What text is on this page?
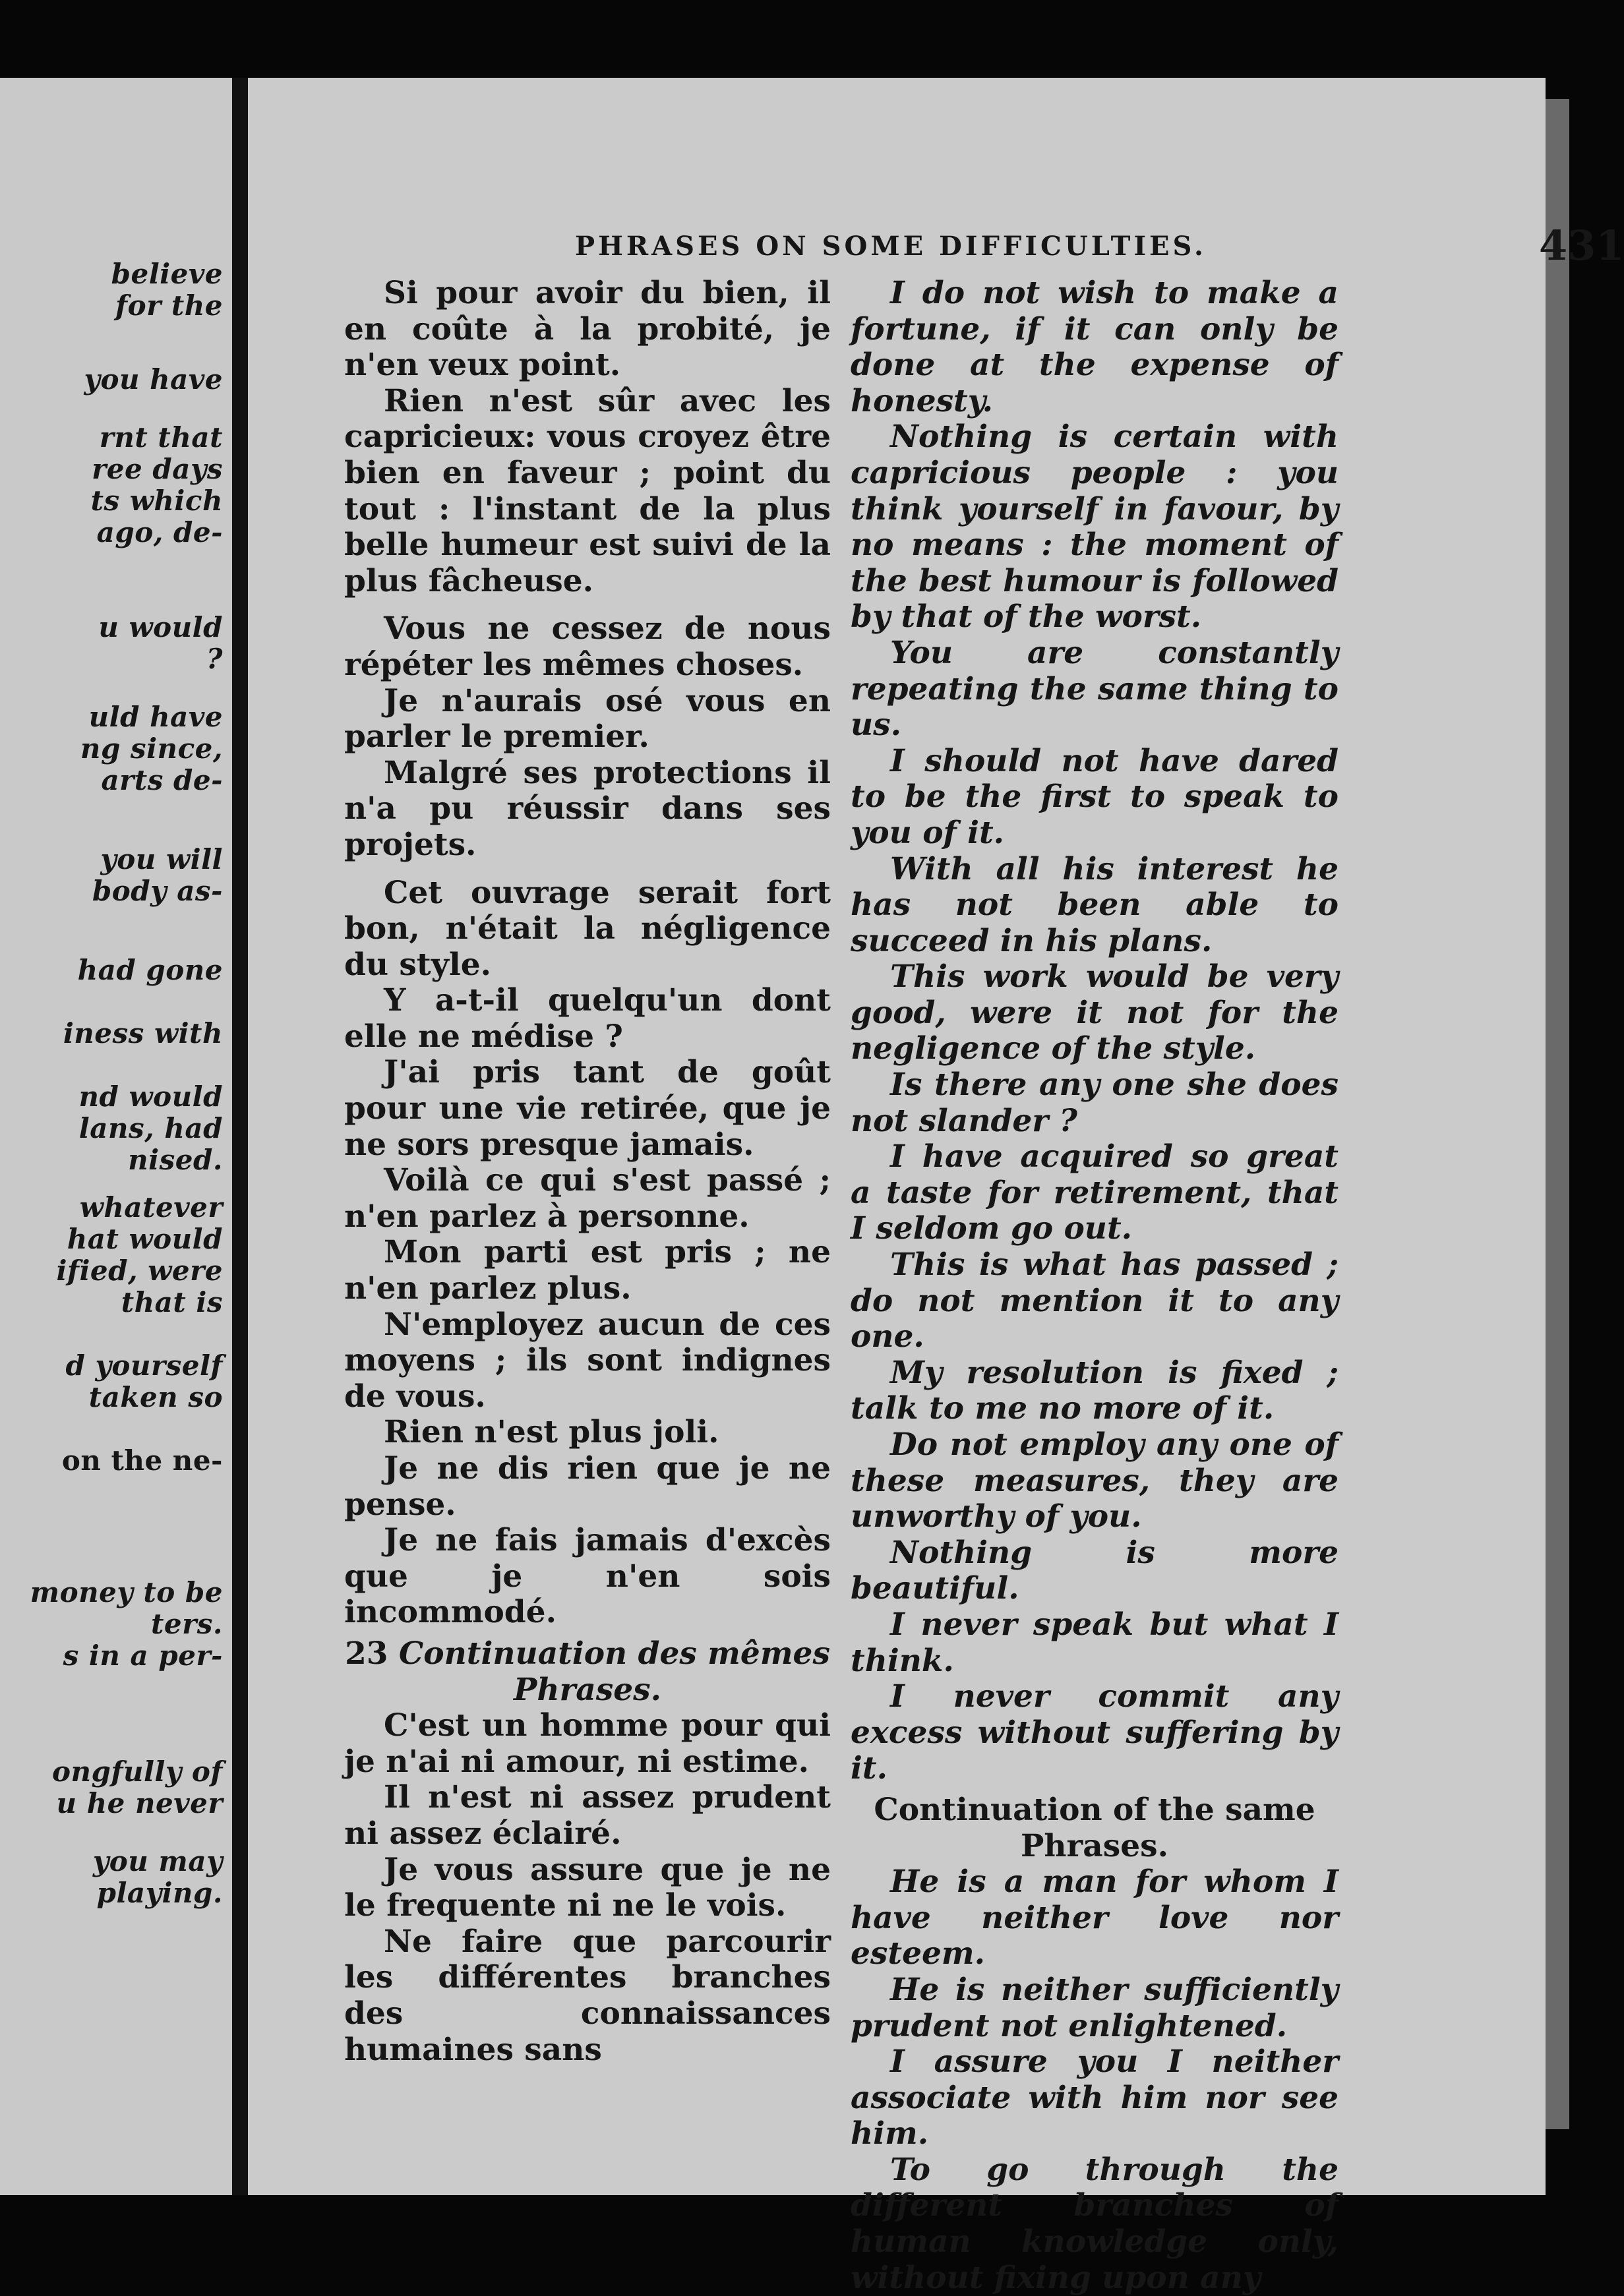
believe
for the
you have
rnt that
ree days
ts which
ago, de-
u would
?
uld have
ng since,
arts de-
you will
body as-
had gone
iness with
nd would
lans, had
nised.
whatever
hat would
ified, were
that is
d yourself
taken so
on the ne-
money to be
ters.
s in a per-
ongfully of
u he never
you may
playing.
PHRASES ON SOME DIFFICULTIES.	431

Si pour avoir du bien, il en coûte à la probité, je n'en veux point.

Rien n'est sûr avec les capricieux: vous croyez être bien en faveur ; point du tout : l'instant de la plus belle humeur est suivi de la plus fâcheuse.

Vous ne cessez de nous répéter les mêmes choses.

Je n'aurais osé vous en parler le premier.

Malgré ses protections il n'a pu réussir dans ses projets.

Cet ouvrage serait fort bon, n'était la négligence du style.

Y a-t-il quelqu'un dont elle ne médise ?

J'ai pris tant de goût pour une vie retirée, que je ne sors presque jamais.

Voilà ce qui s'est passé ; n'en parlez à personne.

Mon parti est pris ; ne n'en parlez plus.

N'employez aucun de ces moyens ; ils sont indignes de vous.

Rien n'est plus joli.

Je ne dis rien que je ne pense.

Je ne fais jamais d'excès que je n'en sois incommodé.

23 Continuation des mêmes Phrases.

C'est un homme pour qui je n'ai ni amour, ni estime.

Il n'est ni assez prudent ni assez éclairé.

Je vous assure que je ne le frequente ni ne le vois.

Ne faire que parcourir les différentes branches des connaissances humaines sans

I do not wish to make a fortune, if it can only be done at the expense of honesty.

Nothing is certain with capricious people : you think yourself in favour, by no means : the moment of the best humour is followed by that of the worst.

You are constantly repeating the same thing to us.

I should not have dared to be the first to speak to you of it.

With all his interest he has not been able to succeed in his plans.

This work would be very good, were it not for the negligence of the style.

Is there any one she does not slander ?

I have acquired so great a taste for retirement, that I seldom go out.

This is what has passed ; do not mention it to any one.

My resolution is fixed ; talk to me no more of it.

Do not employ any one of these measures, they are unworthy of you.

Nothing is more beautiful.

I never speak but what I think.

I never commit any excess without suffering by it.

Continuation of the same Phrases.

He is a man for whom I have neither love nor esteem.

He is neither sufficiently prudent not enlightened.

I assure you I neither associate with him nor see him.

To go through the different branches of human knowledge only, without fixing upon any
